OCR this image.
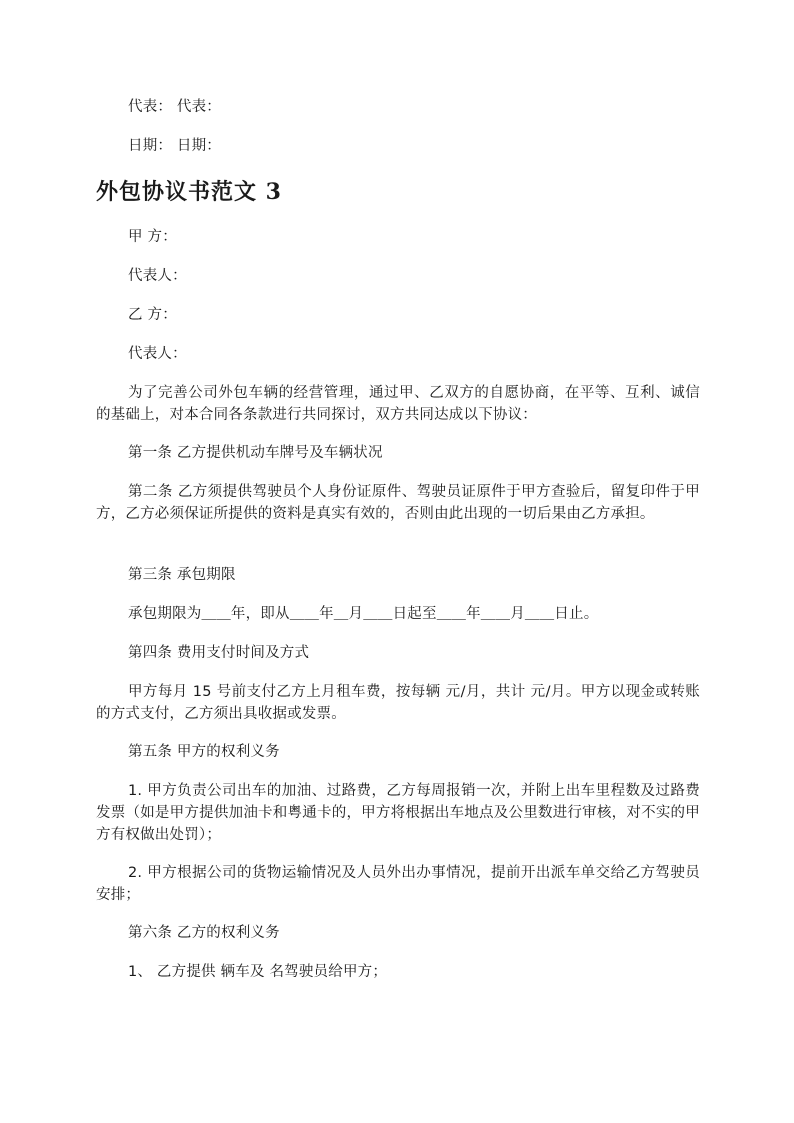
代表： 代表：

日期： 日期：

外包协议书范文 3

甲 方：

代表人：

乙 方：

代表人：

为了完善公司外包车辆的经营管理，通过甲、乙双方的自愿协商，在平等、互利、诚信的基础上，对本合同各条款进行共同探讨，双方共同达成以下协议：

第一条 乙方提供机动车牌号及车辆状况

第二条 乙方须提供驾驶员个人身份证原件、驾驶员证原件于甲方查验后，留复印件于甲方，乙方必须保证所提供的资料是真实有效的，否则由此出现的一切后果由乙方承担。

第三条 承包期限

承包期限为＿＿年，即从＿＿年＿月＿＿日起至＿＿年＿＿月＿＿日止。

第四条 费用支付时间及方式

甲方每月 15 号前支付乙方上月租车费，按每辆 元/月，共计 元/月。甲方以现金或转账的方式支付，乙方须出具收据或发票。

第五条 甲方的权利义务

1. 甲方负责公司出车的加油、过路费，乙方每周报销一次，并附上出车里程数及过路费发票（如是甲方提供加油卡和粤通卡的，甲方将根据出车地点及公里数进行审核，对不实的甲方有权做出处罚）；

2. 甲方根据公司的货物运输情况及人员外出办事情况，提前开出派车单交给乙方驾驶员安排；

第六条 乙方的权利义务

1、 乙方提供 辆车及 名驾驶员给甲方；
